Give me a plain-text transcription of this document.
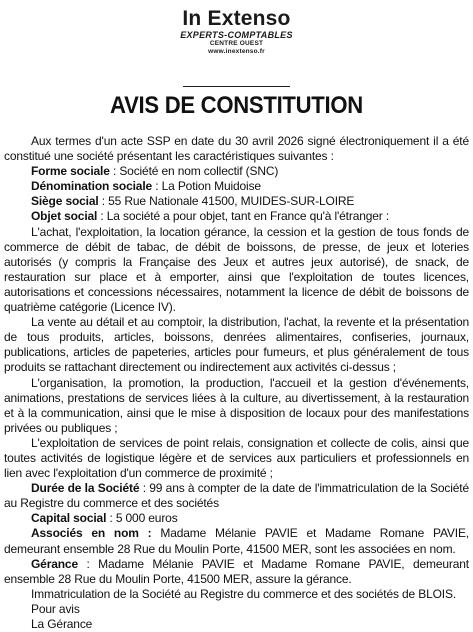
In Extenso
EXPERTS-COMPTABLES
CENTRE OUEST
www.inextenso.fr
AVIS DE CONSTITUTION

Aux termes d'un acte SSP en date du 30 avril 2026 signé électroniquement il a été constitué une société présentant les caractéristiques suivantes :

Forme sociale : Société en nom collectif (SNC)

Dénomination sociale : La Potion Muidoise

Siège social : 55 Rue Nationale 41500, MUIDES-SUR-LOIRE

Objet social : La société a pour objet, tant en France qu'à l'étranger :

L'achat, l'exploitation, la location gérance, la cession et la gestion de tous fonds de commerce de débit de tabac, de débit de boissons, de presse, de jeux et loteries autorisés (y compris la Française des Jeux et autres jeux autorisé), de snack, de restauration sur place et à emporter, ainsi que l'exploitation de toutes licences, autorisations et concessions nécessaires, notamment la licence de débit de boissons de quatrième catégorie (Licence IV).

La vente au détail et au comptoir, la distribution, l'achat, la revente et la présentation de tous produits, articles, boissons, denrées alimentaires, confiseries, journaux, publications, articles de papeteries, articles pour fumeurs, et plus généralement de tous produits se rattachant directement ou indirectement aux activités ci-dessus ;

L'organisation, la promotion, la production, l'accueil et la gestion d'événements, animations, prestations de services liées à la culture, au divertissement, à la restauration et à la communication, ainsi que le mise à disposition de locaux pour des manifestations privées ou publiques ;

L'exploitation de services de point relais, consignation et collecte de colis, ainsi que toutes activités de logistique légère et de services aux particuliers et professionnels en lien avec l'exploitation d'un commerce de proximité ;

Durée de la Société : 99 ans à compter de la date de l'immatriculation de la Société au Registre du commerce et des sociétés

Capital social : 5 000 euros

Associés en nom : Madame Mélanie PAVIE et Madame Romane PAVIE, demeurant ensemble 28 Rue du Moulin Porte, 41500 MER, sont les associées en nom.

Gérance : Madame Mélanie PAVIE et Madame Romane PAVIE, demeurant ensemble 28 Rue du Moulin Porte, 41500 MER, assure la gérance.

Immatriculation de la Société au Registre du commerce et des sociétés de BLOIS.

Pour avis

La Gérance
